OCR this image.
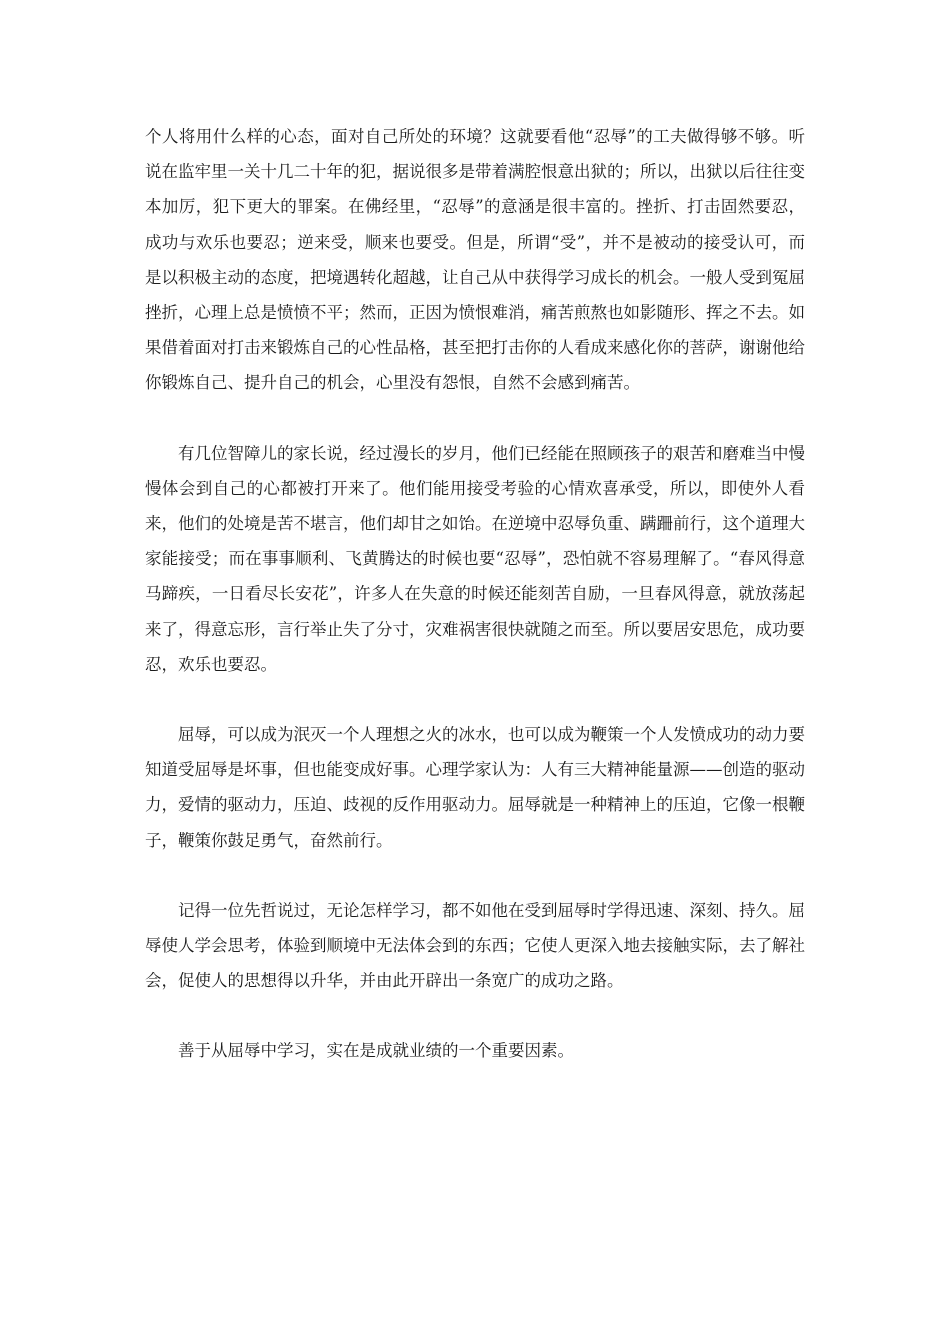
个人将用什么样的心态，面对自己所处的环境？这就要看他“忍辱”的工夫做得够不够。听说在监牢里一关十几二十年的犯，据说很多是带着满腔恨意出狱的；所以，出狱以后往往变本加厉，犯下更大的罪案。在佛经里，“忍辱”的意涵是很丰富的。挫折、打击固然要忍，成功与欢乐也要忍；逆来受，顺来也要受。但是，所谓“受”，并不是被动的接受认可，而是以积极主动的态度，把境遇转化超越，让自己从中获得学习成长的机会。一般人受到冤屈挫折，心理上总是愤愤不平；然而，正因为愤恨难消，痛苦煎熬也如影随形、挥之不去。如果借着面对打击来锻炼自己的心性品格，甚至把打击你的人看成来感化你的菩萨，谢谢他给你锻炼自己、提升自己的机会，心里没有怨恨，自然不会感到痛苦。

有几位智障儿的家长说，经过漫长的岁月，他们已经能在照顾孩子的艰苦和磨难当中慢慢体会到自己的心都被打开来了。他们能用接受考验的心情欢喜承受，所以，即使外人看来，他们的处境是苦不堪言，他们却甘之如饴。在逆境中忍辱负重、蹒跚前行，这个道理大家能接受；而在事事顺利、飞黄腾达的时候也要“忍辱”，恐怕就不容易理解了。“春风得意马蹄疾，一日看尽长安花”，许多人在失意的时候还能刻苦自励，一旦春风得意，就放荡起来了，得意忘形，言行举止失了分寸，灾难祸害很快就随之而至。所以要居安思危，成功要忍，欢乐也要忍。

屈辱，可以成为泯灭一个人理想之火的冰水，也可以成为鞭策一个人发愤成功的动力要知道受屈辱是坏事，但也能变成好事。心理学家认为：人有三大精神能量源——创造的驱动力，爱情的驱动力，压迫、歧视的反作用驱动力。屈辱就是一种精神上的压迫，它像一根鞭子，鞭策你鼓足勇气，奋然前行。

记得一位先哲说过，无论怎样学习，都不如他在受到屈辱时学得迅速、深刻、持久。屈辱使人学会思考，体验到顺境中无法体会到的东西；它使人更深入地去接触实际，去了解社会，促使人的思想得以升华，并由此开辟出一条宽广的成功之路。

善于从屈辱中学习，实在是成就业绩的一个重要因素。
